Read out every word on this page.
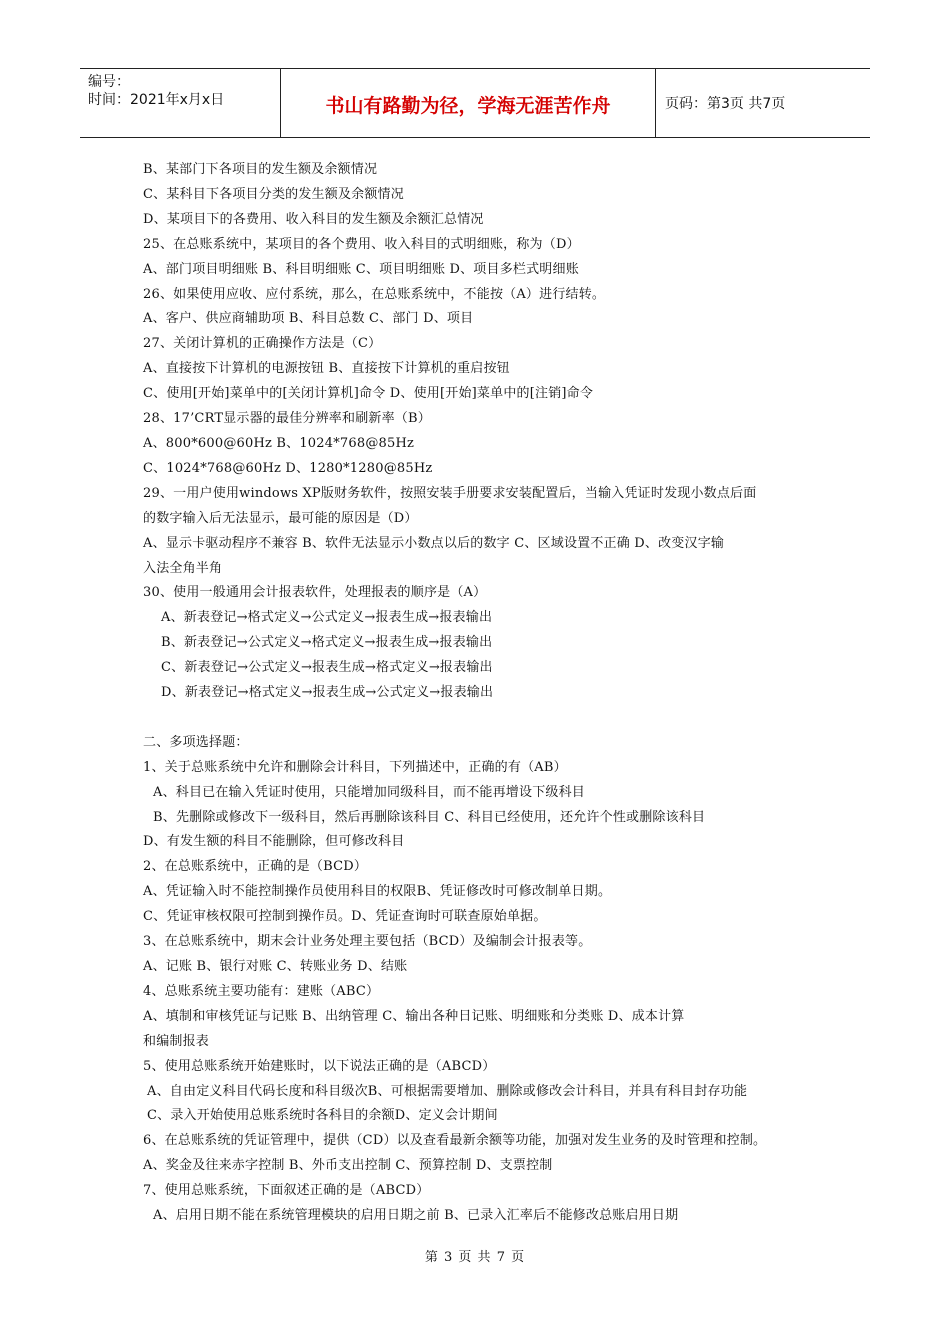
编号：
时间：2021年x月x日	书山有路勤为径，学海无涯苦作舟	页码：第3页 共7页
B、某部门下各项目的发生额及余额情况
C、某科目下各项目分类的发生额及余额情况
D、某项目下的各费用、收入科目的发生额及余额汇总情况
25、在总账系统中，某项目的各个费用、收入科目的式明细账，称为（D）
A、部门项目明细账 B、科目明细账 C、项目明细账 D、项目多栏式明细账
26、如果使用应收、应付系统，那么，在总账系统中，不能按（A）进行结转。
A、客户、供应商辅助项 B、科目总数 C、部门 D、项目
27、关闭计算机的正确操作方法是（C）
A、直接按下计算机的电源按钮 B、直接按下计算机的重启按钮
C、使用[开始]菜单中的[关闭计算机]命令 D、使用[开始]菜单中的[注销]命令
28、17’CRT显示器的最佳分辨率和刷新率（B）
A、800*600@60Hz B、1024*768@85Hz
C、1024*768@60Hz D、1280*1280@85Hz
29、一用户使用windows XP版财务软件，按照安装手册要求安装配置后，当输入凭证时发现小数点后面
的数字输入后无法显示，最可能的原因是（D）
A、显示卡驱动程序不兼容 B、软件无法显示小数点以后的数字 C、区域设置不正确 D、改变汉字输
入法全角半角
30、使用一般通用会计报表软件，处理报表的顺序是（A）
A、新表登记→格式定义→公式定义→报表生成→报表输出
B、新表登记→公式定义→格式定义→报表生成→报表输出
C、新表登记→公式定义→报表生成→格式定义→报表输出
D、新表登记→格式定义→报表生成→公式定义→报表输出
二、多项选择题：
1、关于总账系统中允许和删除会计科目，下列描述中，正确的有（AB）
A、科目已在输入凭证时使用，只能增加同级科目，而不能再增设下级科目
B、先删除或修改下一级科目，然后再删除该科目 C、科目已经使用，还允许个性或删除该科目
D、有发生额的科目不能删除，但可修改科目
2、在总账系统中，正确的是（BCD）
A、凭证输入时不能控制操作员使用科目的权限B、凭证修改时可修改制单日期。
C、凭证审核权限可控制到操作员。D、凭证查询时可联查原始单据。
3、在总账系统中，期末会计业务处理主要包括（BCD）及编制会计报表等。
A、记账 B、银行对账 C、转账业务 D、结账
4、总账系统主要功能有：建账（ABC）
A、填制和审核凭证与记账 B、出纳管理 C、输出各种日记账、明细账和分类账 D、成本计算
和编制报表
5、使用总账系统开始建账时，以下说法正确的是（ABCD）
A、自由定义科目代码长度和科目级次B、可根据需要增加、删除或修改会计科目，并具有科目封存功能
C、录入开始使用总账系统时各科目的余额D、定义会计期间
6、在总账系统的凭证管理中，提供（CD）以及查看最新余额等功能，加强对发生业务的及时管理和控制。
A、奖金及往来赤字控制 B、外币支出控制 C、预算控制 D、支票控制
7、使用总账系统，下面叙述正确的是（ABCD）
A、启用日期不能在系统管理模块的启用日期之前 B、已录入汇率后不能修改总账启用日期
第 3 页 共 7 页
